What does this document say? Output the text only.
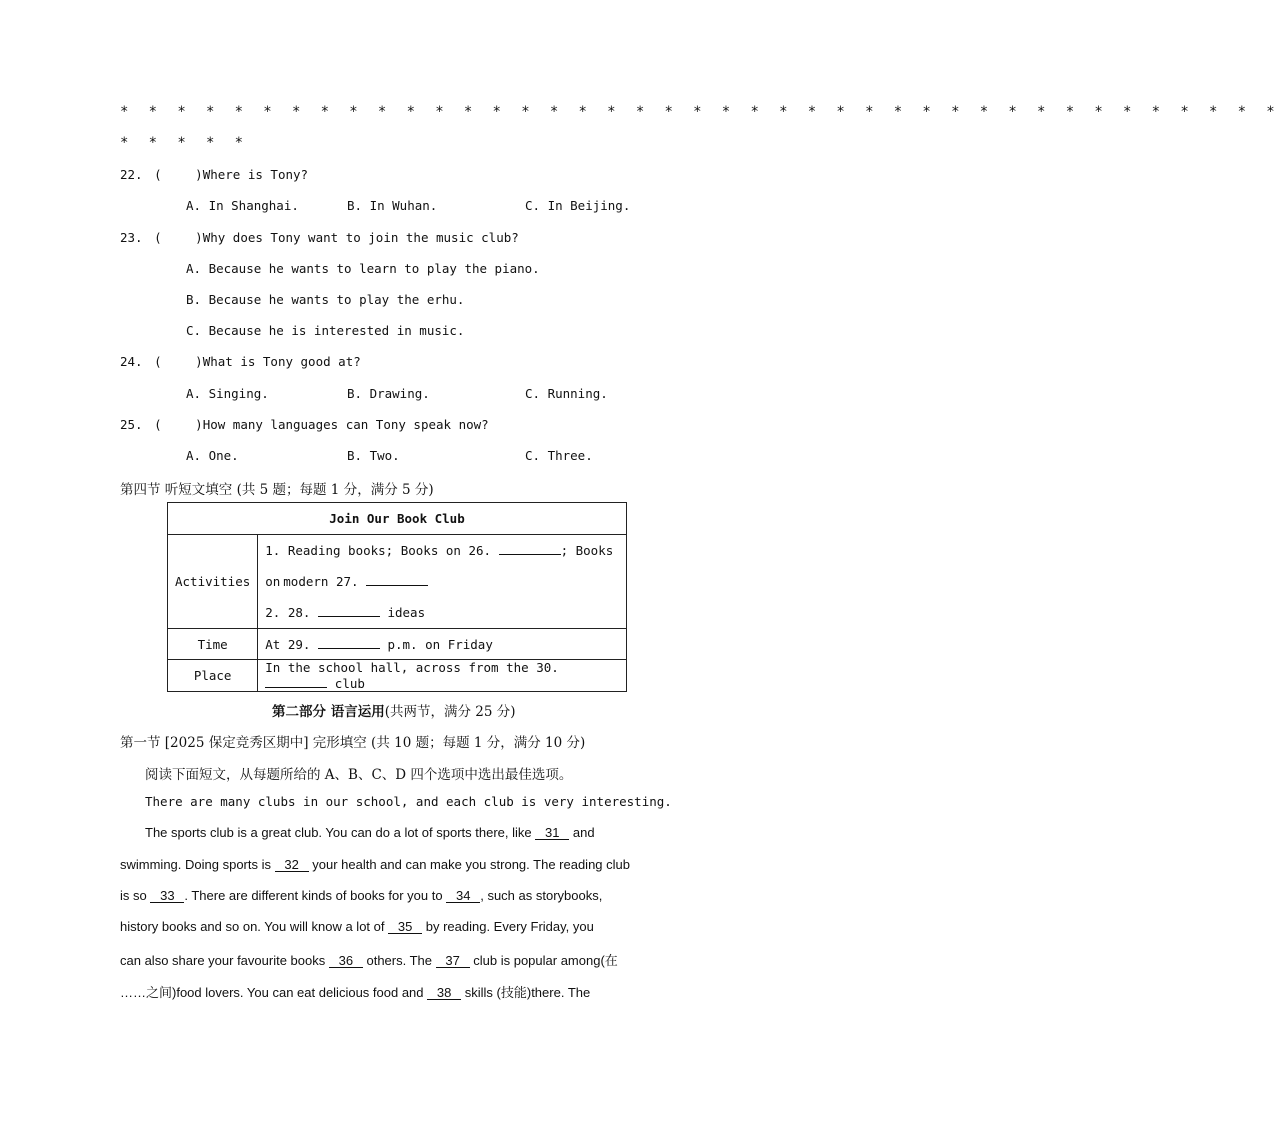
* * * * * * * * * * * * * * * * * * * * * * * * * * * * * * * * * * * * * * * * *
* * * * *
22. (	)Where is Tony?
A. In Shanghai.	B. In Wuhan.	C. In Beijing.
23. (	)Why does Tony want to join the music club?
A. Because he wants to learn to play the piano.
B. Because he wants to play the erhu.
C. Because he is interested in music.
24. (	)What is Tony good at?
A. Singing.	B. Drawing.	C. Running.
25. (	)How many languages can Tony speak now?
A. One.	B. Two.	C. Three.
第四节 听短文填空 (共 5 题；每题 1 分，满分 5 分)
Join Our Book Club	
Activities	1. Reading books; Books on 26. ; Books on modern 27.
2. 28. ideas

Time	At 29. p.m. on Friday
Place	In the school hall, across from the 30.  club
第二部分 语言运用(共两节，满分 25 分)
第一节 [2025 保定竞秀区期中] 完形填空 (共 10 题；每题 1 分，满分 10 分)
阅读下面短文，从每题所给的 A、B、C、D 四个选项中选出最佳选项。
There are many clubs in our school, and each club is very interesting.
The sports club is a great club. You can do a lot of sports there, like 31 and
swimming. Doing sports is 32 your health and can make you strong. The reading club
is so 33 . There are different kinds of books for you to 34 , such as storybooks,
history books and so on. You will know a lot of 35 by reading. Every Friday, you
can also share your favourite books 36 others. The 37 club is popular among(在
……之间)food lovers. You can eat delicious food and 38 skills (技能)there. The
